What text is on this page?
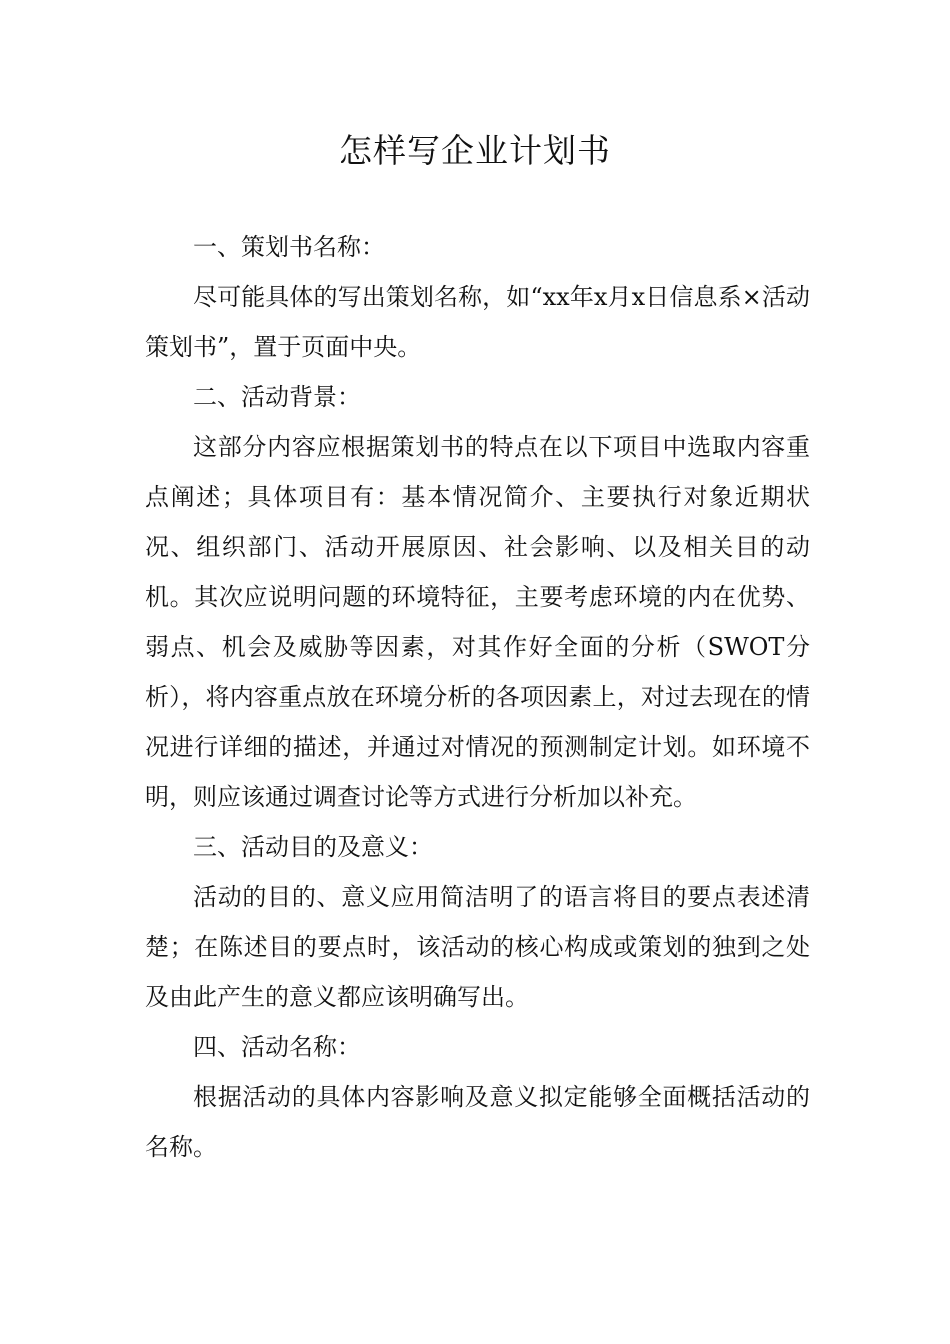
怎样写企业计划书

一、策划书名称：

尽可能具体的写出策划名称，如“xx年x月x日信息系×活动策划书”，置于页面中央。

二、活动背景：

这部分内容应根据策划书的特点在以下项目中选取内容重点阐述；具体项目有：基本情况简介、主要执行对象近期状况、组织部门、活动开展原因、社会影响、以及相关目的动机。其次应说明问题的环境特征，主要考虑环境的内在优势、弱点、机会及威胁等因素，对其作好全面的分析（SWOT分析），将内容重点放在环境分析的各项因素上，对过去现在的情况进行详细的描述，并通过对情况的预测制定计划。如环境不明，则应该通过调查讨论等方式进行分析加以补充。

三、活动目的及意义：

活动的目的、意义应用简洁明了的语言将目的要点表述清楚；在陈述目的要点时，该活动的核心构成或策划的独到之处及由此产生的意义都应该明确写出。

四、活动名称：

根据活动的具体内容影响及意义拟定能够全面概括活动的名称。
